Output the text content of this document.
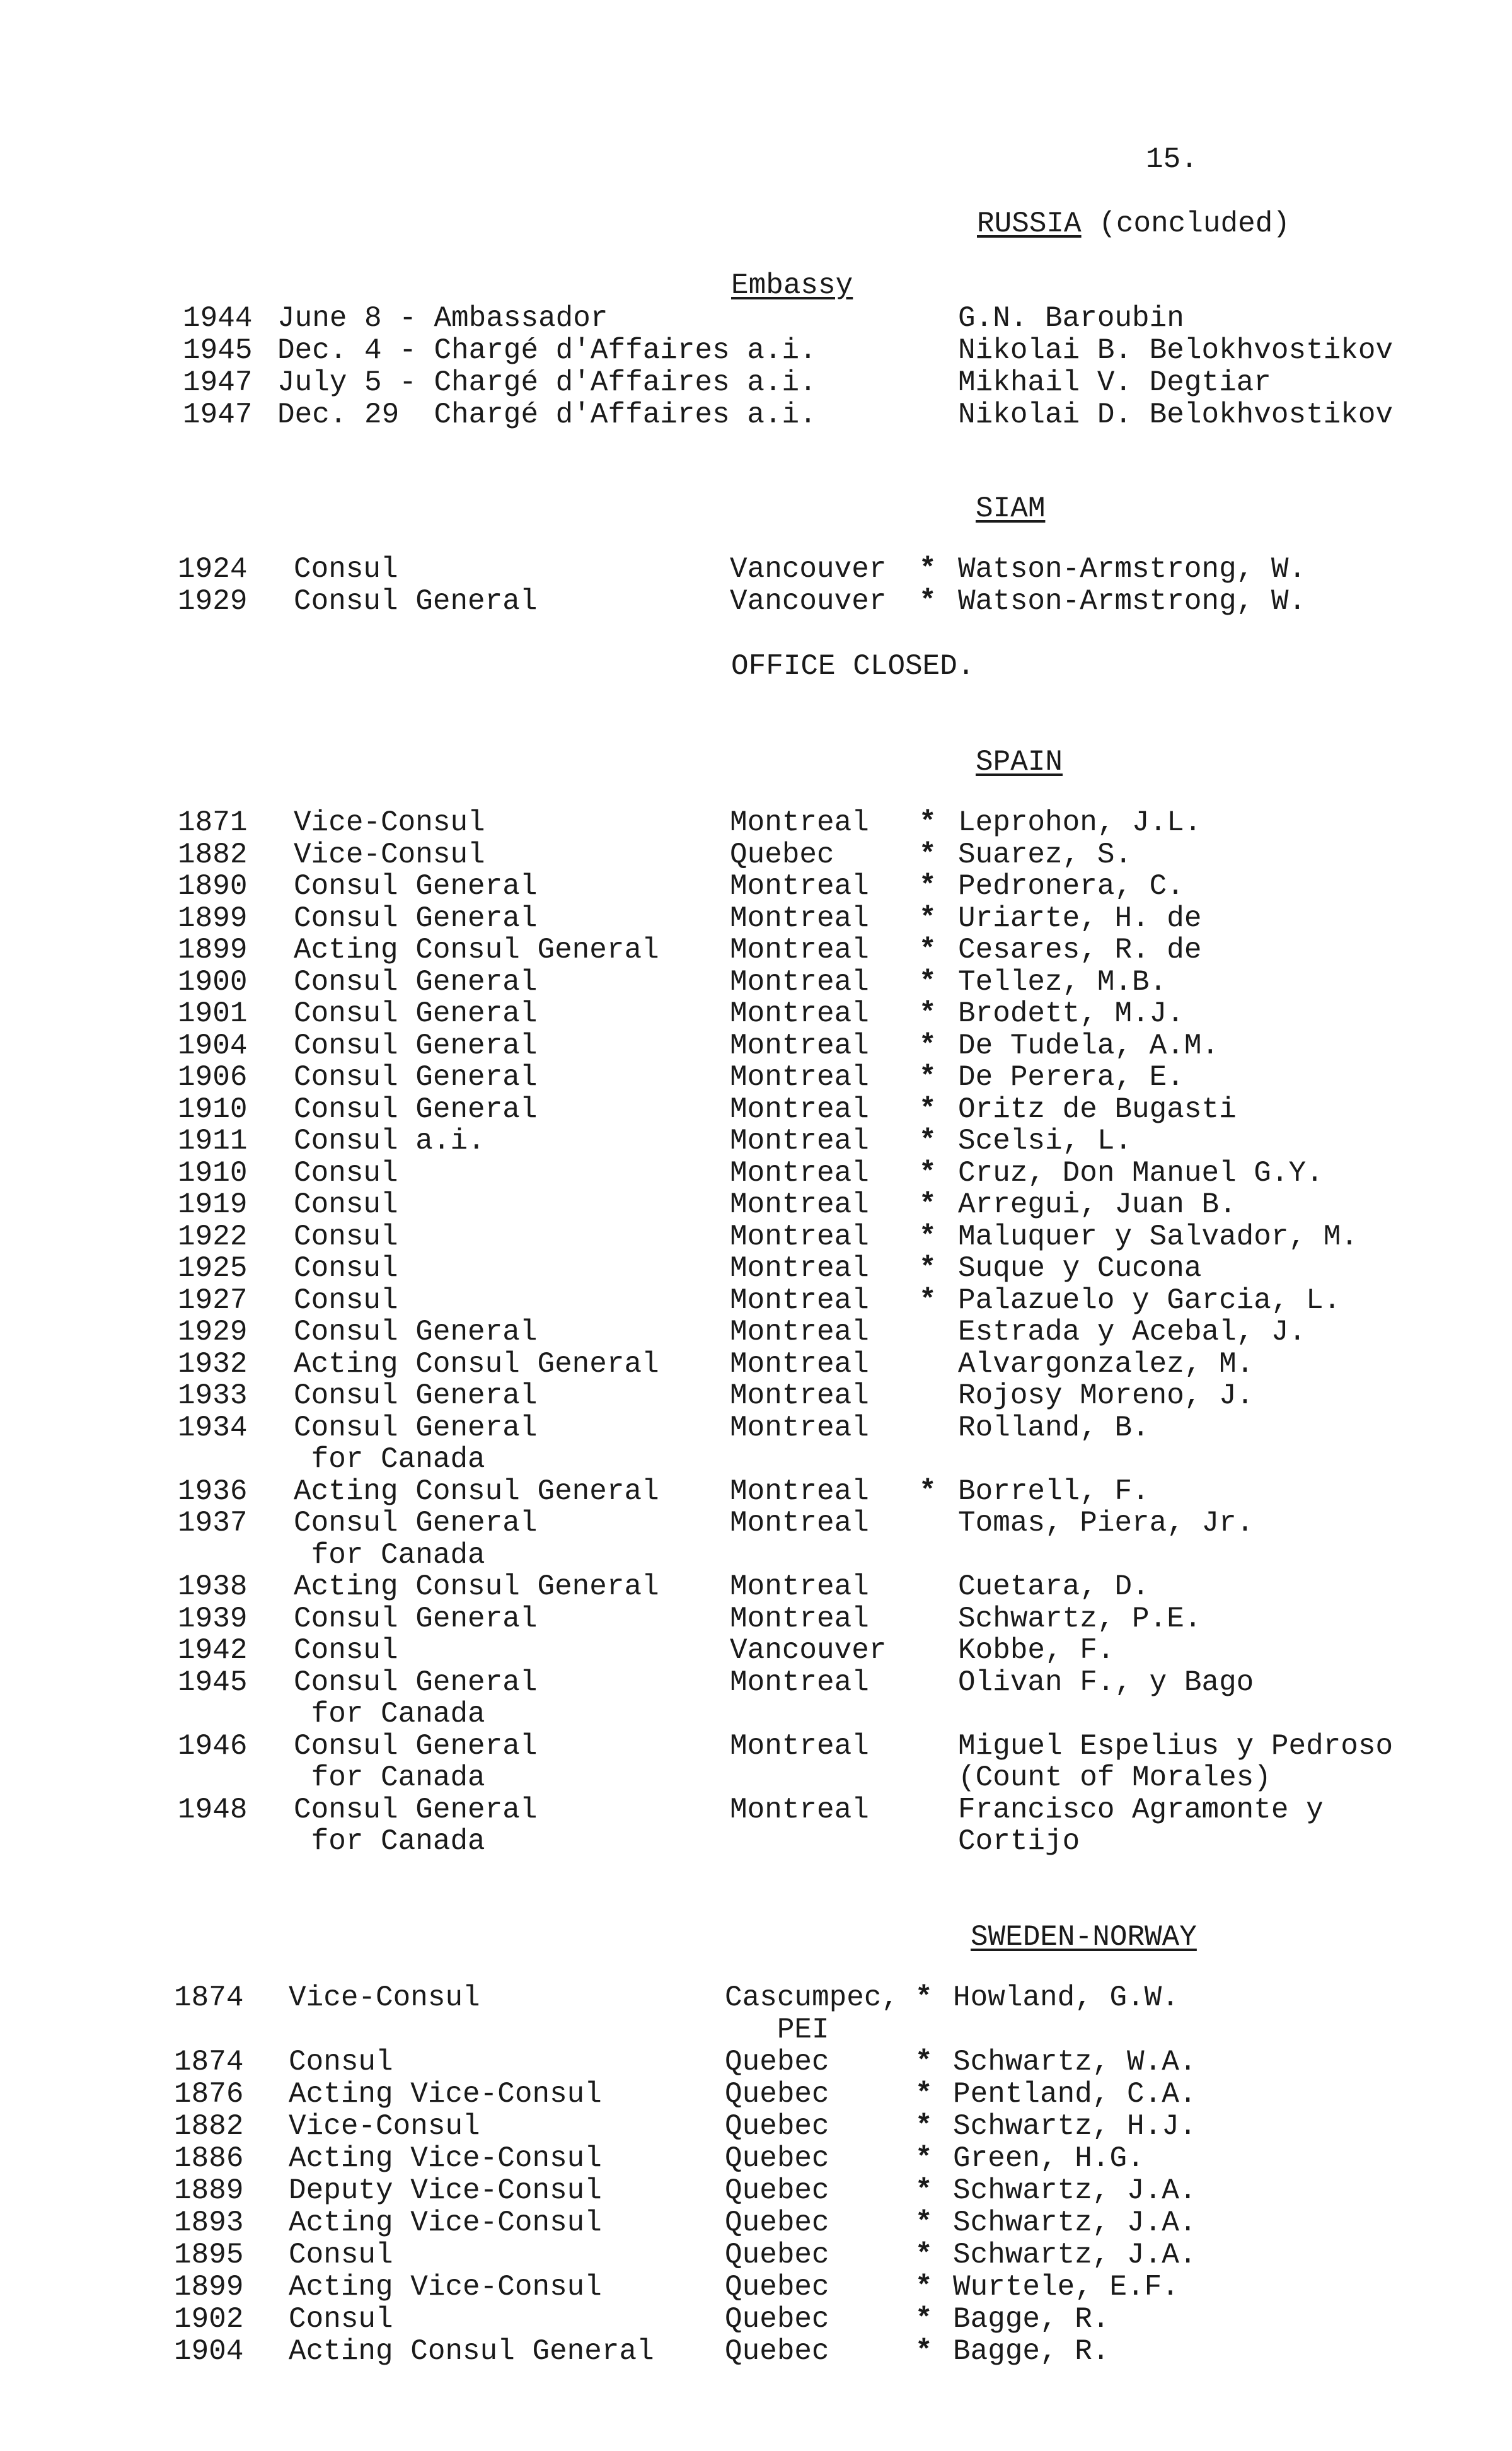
15.
RUSSIA (concluded)
Embassy
1944 June 8 - Ambassador	G.N. Baroubin
1945 Dec. 4 - Chargé d'Affaires a.i.	Nikolai B. Belokhvostikov
1947 July 5 - Chargé d'Affaires a.i.	Mikhail V. Degtiar
1947 Dec. 29  Chargé d'Affaires a.i.	Nikolai D. Belokhvostikov
SIAM
1924 Consul	Vancouver * Watson-Armstrong, W.
1929 Consul General	Vancouver * Watson-Armstrong, W.
OFFICE CLOSED.
SPAIN
1871 Vice-Consul	Montreal * Leprohon, J.L.
1882 Vice-Consul	Quebec	* Suarez, S.
1890 Consul General	Montreal * Pedronera, C.
1899 Consul General	Montreal * Uriarte, H. de
1899 Acting Consul General Montreal * Cesares, R. de
1900 Consul General	Montreal * Tellez, M.B.
1901 Consul General	Montreal * Brodett, M.J.
1904 Consul General	Montreal * De Tudela, A.M.
1906 Consul General	Montreal * De Perera, E.
1910 Consul General	Montreal * Oritz de Bugasti
1911 Consul a.i.	Montreal * Scelsi, L.
1910 Consul	Montreal * Cruz, Don Manuel G.Y.
1919 Consul	Montreal * Arregui, Juan B.
1922 Consul	Montreal * Maluquer y Salvador, M.
1925 Consul	Montreal * Suque y Cucona
1927 Consul	Montreal * Palazuelo y Garcia, L.
1929 Consul General	Montreal	Estrada y Acebal, J.
1932 Acting Consul General Montreal	Alvargonzalez, M.
1933 Consul General	Montreal	Rojosy Moreno, J.
1934 Consul General	Montreal	Rolland, B.
for Canada
1936 Acting Consul General Montreal * Borrell, F.
1937 Consul General	Montreal	Tomas, Piera, Jr.
for Canada
1938 Acting Consul General Montreal	Cuetara, D.
1939 Consul General	Montreal	Schwartz, P.E.
1942 Consul	Vancouver Kobbe, F.
1945 Consul General	Montreal	Olivan F., y Bago
for Canada
1946 Consul General	Montreal	Miguel Espelius y Pedroso
for Canada	(Count of Morales)
1948 Consul General	Montreal	Francisco Agramonte y
for Canada	Cortijo
SWEDEN-NORWAY
1874 Vice-Consul	Cascumpec, * Howland, G.W.
PEI
1874 Consul	Quebec	* Schwartz, W.A.
1876 Acting Vice-Consul	Quebec	* Pentland, C.A.
1882 Vice-Consul	Quebec	* Schwartz, H.J.
1886 Acting Vice-Consul	Quebec	* Green, H.G.
1889 Deputy Vice-Consul	Quebec	* Schwartz, J.A.
1893 Acting Vice-Consul	Quebec	* Schwartz, J.A.
1895 Consul	Quebec	* Schwartz, J.A.
1899 Acting Vice-Consul	Quebec	* Wurtele, E.F.
1902 Consul	Quebec	* Bagge, R.
1904 Acting Consul General Quebec	* Bagge, R.
